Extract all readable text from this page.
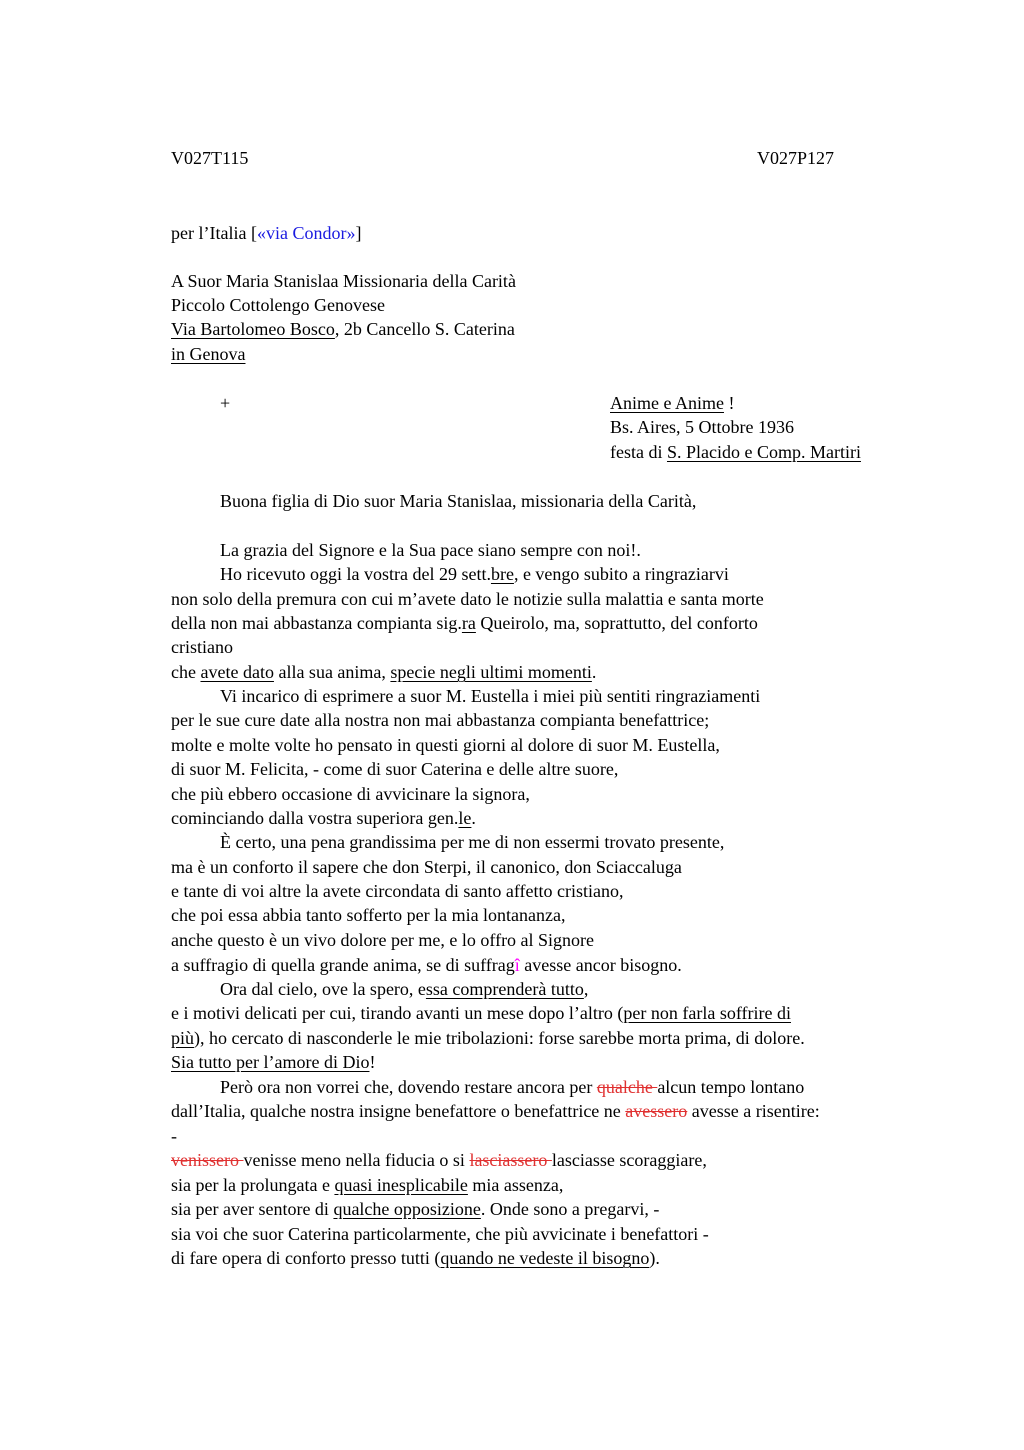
V027T115	V027P127
per l’Italia [«via Condor»]
A Suor Maria Stanislaa Missionaria della Carità
Piccolo Cottolengo Genovese
Via Bartolomeo Bosco, 2b Cancello S. Caterina
in Genova
+	Anime e Anime !
Bs. Aires, 5 Ottobre 1936
festa di S. Placido e Comp. Martiri
Buona figlia di Dio suor Maria Stanislaa, missionaria della Carità,
La grazia del Signore e la Sua pace siano sempre con noi!.
Ho ricevuto oggi la vostra del 29 sett.bre, e vengo subito a ringraziarvi
non solo della premura con cui m’avete dato le notizie sulla malattia e santa morte
della non mai abbastanza compianta sig.ra Queirolo, ma, soprattutto, del conforto
cristiano
che avete dato alla sua anima, specie negli ultimi momenti.
Vi incarico di esprimere a suor M. Eustella i miei più sentiti ringraziamenti
per le sue cure date alla nostra non mai abbastanza compianta benefattrice;
molte e molte volte ho pensato in questi giorni al dolore di suor M. Eustella,
di suor M. Felicita, - come di suor Caterina e delle altre suore,
che più ebbero occasione di avvicinare la signora,
cominciando dalla vostra superiora gen.le.
È certo, una pena grandissima per me di non essermi trovato presente,
ma è un conforto il sapere che don Sterpi, il canonico, don Sciaccaluga
e tante di voi altre la avete circondata di santo affetto cristiano,
che poi essa abbia tanto sofferto per la mia lontananza,
anche questo è un vivo dolore per me, e lo offro al Signore
a suffragio di quella grande anima, se di suffragî avesse ancor bisogno.
Ora dal cielo, ove la spero, essa comprenderà tutto,
e i motivi delicati per cui, tirando avanti un mese dopo l’altro (per non farla soffrire di
più), ho cercato di nasconderle le mie tribolazioni: forse sarebbe morta prima, di dolore.
Sia tutto per l’amore di Dio!
Però ora non vorrei che, dovendo restare ancora per qualche alcun tempo lontano
dall’Italia, qualche nostra insigne benefattore o benefattrice ne avessero avesse a risentire:
-
venissero venisse meno nella fiducia o si lasciassero lasciasse scoraggiare,
sia per la prolungata e quasi inesplicabile mia assenza,
sia per aver sentore di qualche opposizione. Onde sono a pregarvi, -
sia voi che suor Caterina particolarmente, che più avvicinate i benefattori -
di fare opera di conforto presso tutti (quando ne vedeste il bisogno).
